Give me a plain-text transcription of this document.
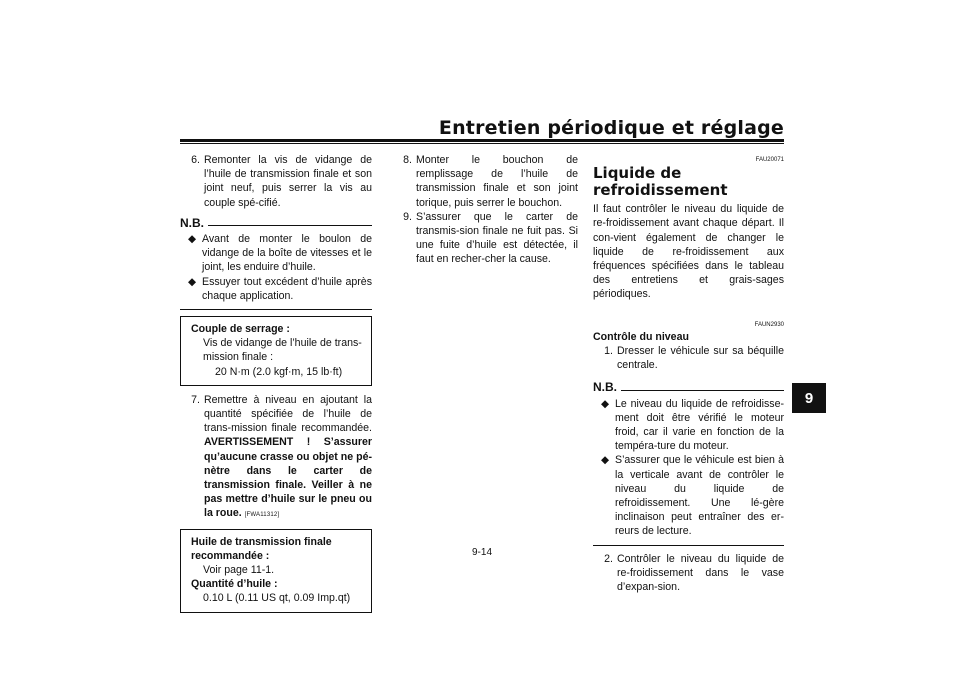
Entretien périodique et réglage
9
6. Remonter la vis de vidange de l’huile de transmission finale et son joint neuf, puis serrer la vis au couple spé-cifié.
N.B.
◆ Avant de monter le boulon de vidange de la boîte de vitesses et le joint, les enduire d’huile.
◆ Essuyer tout excédent d’huile après chaque application.
Couple de serrage :
Vis de vidange de l’huile de trans-mission finale :
20 N·m (2.0 kgf·m, 15 lb·ft)
7. Remettre à niveau en ajoutant la quantité spécifiée de l’huile de trans-mission finale recommandée. AVERTISSEMENT ! S’assurer qu’aucune crasse ou objet ne pé-nètre dans le carter de transmission finale. Veiller à ne pas mettre d’huile sur le pneu ou la roue. [FWA11312]
Huile de transmission finale recommandée :
Voir page 11-1.
Quantité d’huile :
0.10 L (0.11 US qt, 0.09 Imp.qt)
8. Monter le bouchon de remplissage de l’huile de transmission finale et son joint torique, puis serrer le bouchon.
9. S’assurer que le carter de transmis-sion finale ne fuit pas. Si une fuite d’huile est détectée, il faut en recher-cher la cause.
FAU20071
Liquide de refroidissement
Il faut contrôler le niveau du liquide de re-froidissement avant chaque départ. Il con-vient également de changer le liquide de re-froidissement aux fréquences spécifiées dans le tableau des entretiens et grais-sages périodiques.
FAUN2930
Contrôle du niveau
1. Dresser le véhicule sur sa béquille centrale.
N.B.
◆ Le niveau du liquide de refroidisse-ment doit être vérifié le moteur froid, car il varie en fonction de la tempéra-ture du moteur.
◆ S’assurer que le véhicule est bien à la verticale avant de contrôler le niveau du liquide de refroidissement. Une lé-gère inclinaison peut entraîner des er-reurs de lecture.
2. Contrôler le niveau du liquide de re-froidissement dans le vase d’expan-sion.
9-14
